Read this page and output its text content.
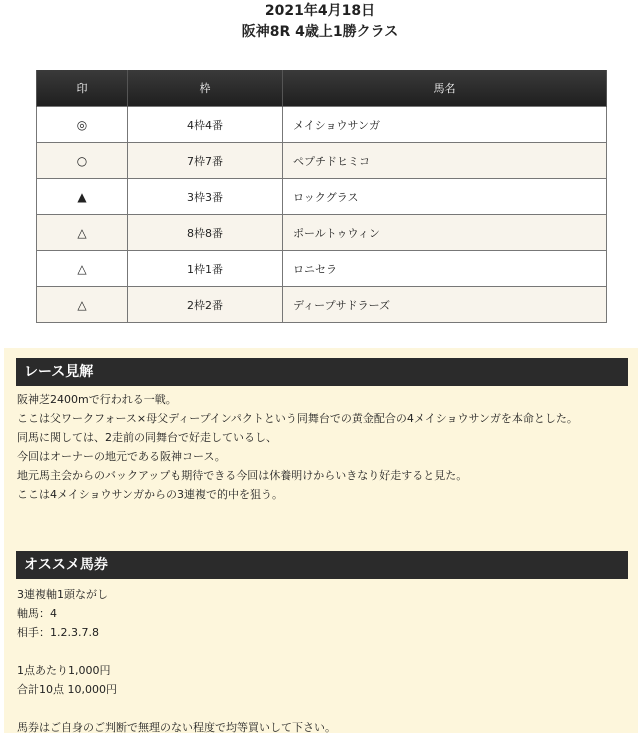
2021年4月18日
阪神8R 4歳上1勝クラス
印	枠	馬名
◎	4枠4番	メイショウサンガ
○	7枠7番	ペプチドヒミコ
▲	3枠3番	ロックグラス
△	8枠8番	ポールトゥウィン
△	1枠1番	ロニセラ
△	2枠2番	ディープサドラーズ
レース見解

阪神芝2400mで行われる一戦。

ここは父ワークフォース×母父ディープインパクトという同舞台での黄金配合の4メイショウサンガを本命とした。

同馬に関しては、2走前の同舞台で好走しているし、

今回はオーナーの地元である阪神コース。

地元馬主会からのバックアップも期待できる今回は休養明けからいきなり好走すると見た。

ここは4メイショウサンガからの3連複で的中を狙う。

オススメ馬券

3連複軸1頭ながし

軸馬：4

相手：1.2.3.7.8

1点あたり1,000円

合計10点 10,000円

馬券はご自身のご判断で無理のない程度で均等買いして下さい。
